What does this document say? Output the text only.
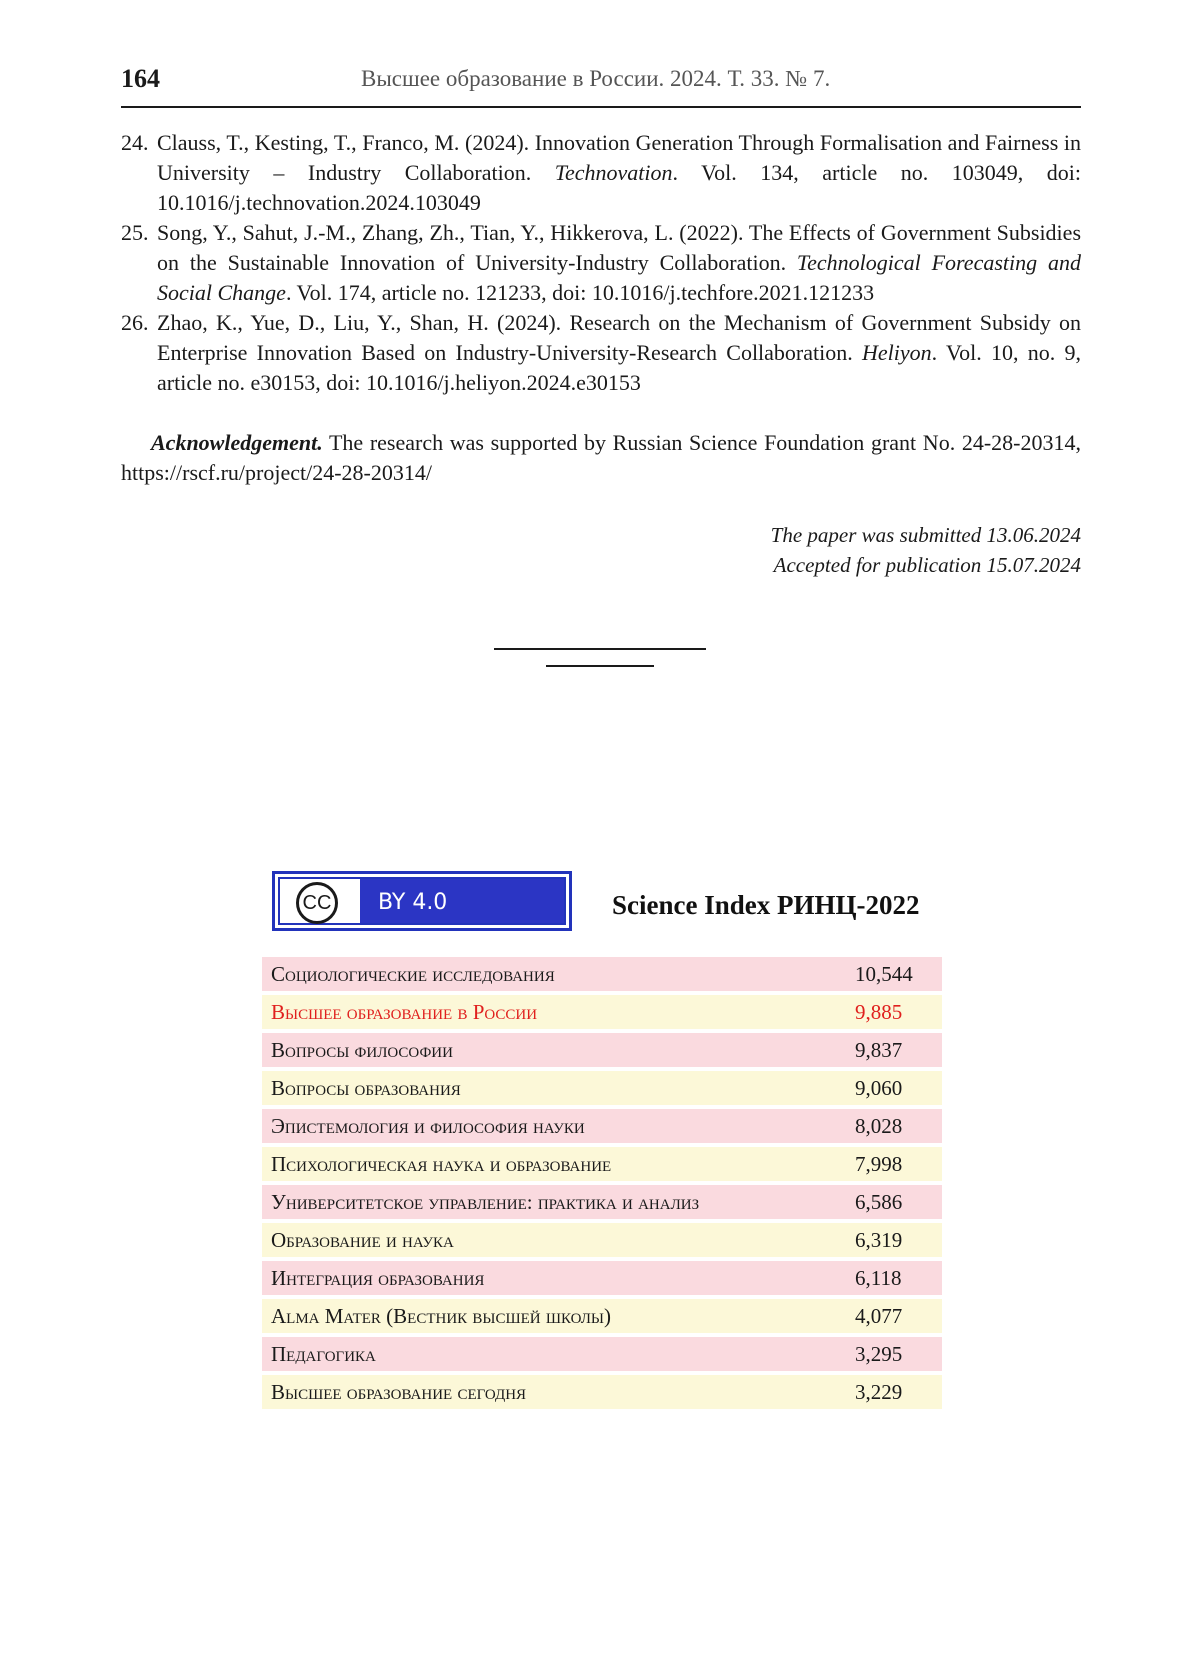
164	Высшее образование в России. 2024. Т. 33. № 7.

24. Clauss, T., Kesting, T., Franco, M. (2024). Innovation Generation Through Formalisation and Fairness in University – Industry Collaboration. Technovation. Vol. 134, article no. 103049, doi: 10.1016/j.technovation.2024.103049

25. Song, Y., Sahut, J.-M., Zhang, Zh., Tian, Y., Hikkerova, L. (2022). The Effects of Government Subsidies on the Sustainable Innovation of University-Industry Collaboration. Technological Forecasting and Social Change. Vol. 174, article no. 121233, doi: 10.1016/j.techfore.2021.121233

26. Zhao, K., Yue, D., Liu, Y., Shan, H. (2024). Research on the Mechanism of Government Subsidy on Enterprise Innovation Based on Industry-University-Research Collaboration. Heliyon. Vol. 10, no. 9, article no. e30153, doi: 10.1016/j.heliyon.2024.e30153

Acknowledgement. The research was supported by Russian Science Foundation grant No. 24-28-20314, https://rscf.ru/project/24-28-20314/

The paper was submitted 13.06.2024
Accepted for publication 15.07.2024
CC	BY 4.0	Science Index РИНЦ-2022
Социологические исследования	10,544
Высшее образование в России	9,885
Вопросы философии	9,837
Вопросы образования	9,060
Эпистемология и философия науки	8,028
Психологическая наука и образование	7,998
Университетское управление: практика и анализ	6,586
Образование и наука	6,319
Интеграция образования	6,118
Alma Mater (Вестник высшей школы)	4,077
Педагогика	3,295
Высшее образование сегодня	3,229
